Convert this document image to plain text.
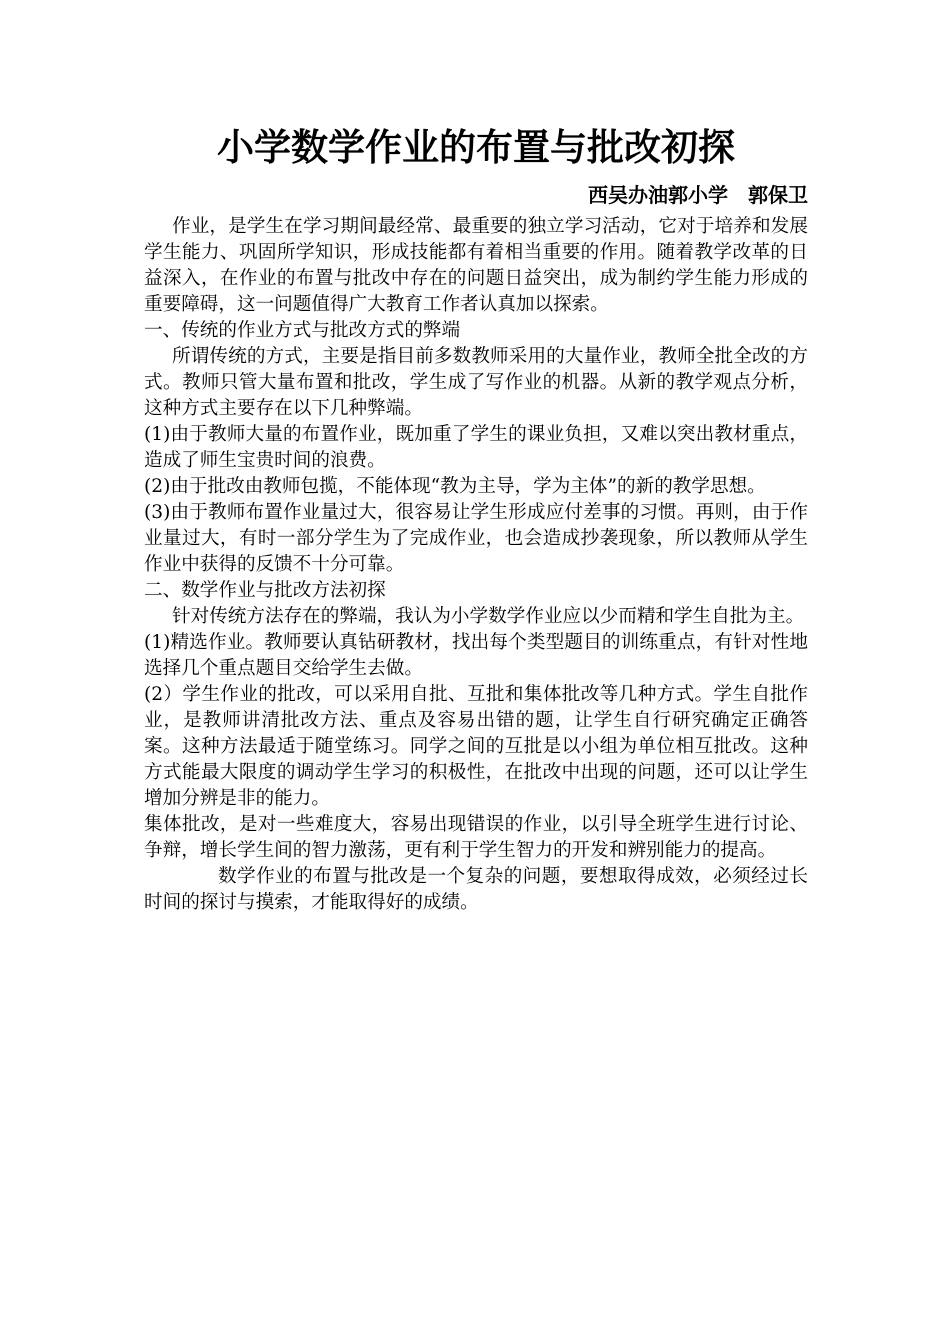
小学数学作业的布置与批改初探
西吴办油郭小学　郭保卫

作业，是学生在学习期间最经常、最重要的独立学习活动，它对于培养和发展学生能力、巩固所学知识，形成技能都有着相当重要的作用。随着教学改革的日益深入，在作业的布置与批改中存在的问题日益突出，成为制约学生能力形成的重要障碍，这一问题值得广大教育工作者认真加以探索。

一、传统的作业方式与批改方式的弊端

所谓传统的方式，主要是指目前多数教师采用的大量作业，教师全批全改的方式。教师只管大量布置和批改，学生成了写作业的机器。从新的教学观点分析，这种方式主要存在以下几种弊端。

(1)由于教师大量的布置作业，既加重了学生的课业负担，又难以突出教材重点，造成了师生宝贵时间的浪费。

(2)由于批改由教师包揽，不能体现“教为主导，学为主体”的新的教学思想。

(3)由于教师布置作业量过大，很容易让学生形成应付差事的习惯。再则，由于作业量过大，有时一部分学生为了完成作业，也会造成抄袭现象，所以教师从学生作业中获得的反馈不十分可靠。

二、数学作业与批改方法初探

针对传统方法存在的弊端，我认为小学数学作业应以少而精和学生自批为主。

(1)精选作业。教师要认真钻研教材，找出每个类型题目的训练重点，有针对性地选择几个重点题目交给学生去做。

(2）学生作业的批改，可以采用自批、互批和集体批改等几种方式。学生自批作业，是教师讲清批改方法、重点及容易出错的题，让学生自行研究确定正确答案。这种方法最适于随堂练习。同学之间的互批是以小组为单位相互批改。这种方式能最大限度的调动学生学习的积极性，在批改中出现的问题，还可以让学生增加分辨是非的能力。

集体批改，是对一些难度大，容易出现错误的作业，以引导全班学生进行讨论、争辩，增长学生间的智力激荡，更有利于学生智力的开发和辨别能力的提高。

数学作业的布置与批改是一个复杂的问题，要想取得成效，必须经过长时间的探讨与摸索，才能取得好的成绩。
